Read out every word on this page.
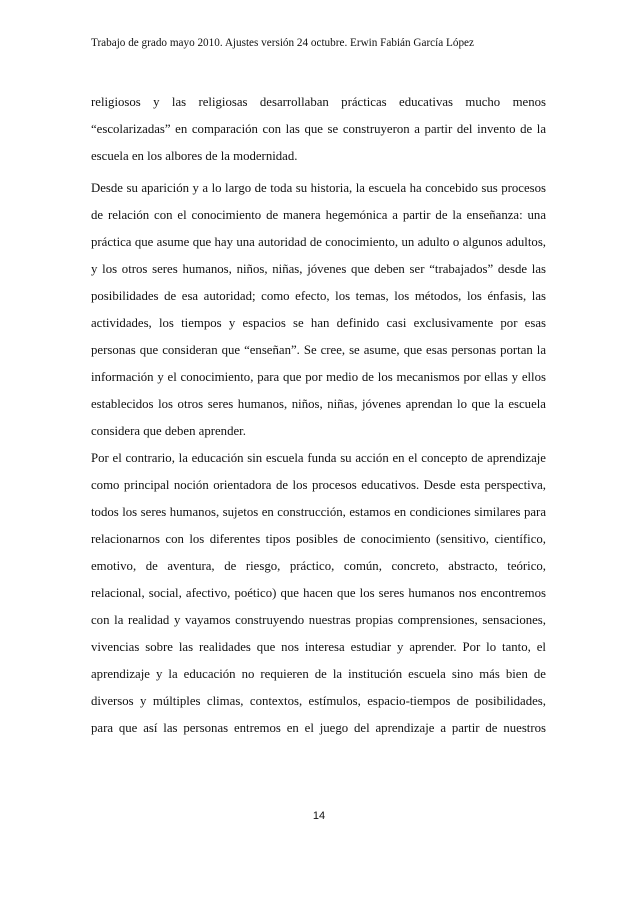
Trabajo de grado mayo 2010. Ajustes versión 24 octubre. Erwin Fabián García López
religiosos y las religiosas desarrollaban prácticas educativas mucho menos
“escolarizadas” en comparación con las que se construyeron a partir del invento de la
escuela en los albores de la modernidad.
Desde su aparición y a lo largo de toda su historia, la escuela ha concebido sus procesos
de relación con el conocimiento de manera hegemónica a partir de la enseñanza: una
práctica que asume que hay una autoridad de conocimiento, un adulto o algunos adultos,
y los otros seres humanos, niños, niñas, jóvenes que deben ser “trabajados” desde las
posibilidades de esa autoridad; como efecto, los temas, los métodos, los énfasis, las
actividades, los tiempos y espacios se han definido casi exclusivamente por esas
personas que consideran que “enseñan”. Se cree, se asume, que esas personas portan la
información y el conocimiento, para que por medio de los mecanismos por ellas y ellos
establecidos los otros seres humanos, niños, niñas, jóvenes aprendan lo que la escuela
considera que deben aprender.
Por el contrario, la educación sin escuela funda su acción en el concepto de aprendizaje
como principal noción orientadora de los procesos educativos. Desde esta perspectiva,
todos los seres humanos, sujetos en construcción, estamos en condiciones similares para
relacionarnos con los diferentes tipos posibles de conocimiento (sensitivo, científico,
emotivo, de aventura, de riesgo, práctico, común, concreto, abstracto, teórico,
relacional, social, afectivo, poético) que hacen que los seres humanos nos encontremos
con la realidad y vayamos construyendo nuestras propias comprensiones, sensaciones,
vivencias sobre las realidades que nos interesa estudiar y aprender. Por lo tanto, el
aprendizaje y la educación no requieren de la institución escuela sino más bien de
diversos y múltiples climas, contextos, estímulos, espacio-tiempos de posibilidades,
para que así las personas entremos en el juego del aprendizaje a partir de nuestros
14
